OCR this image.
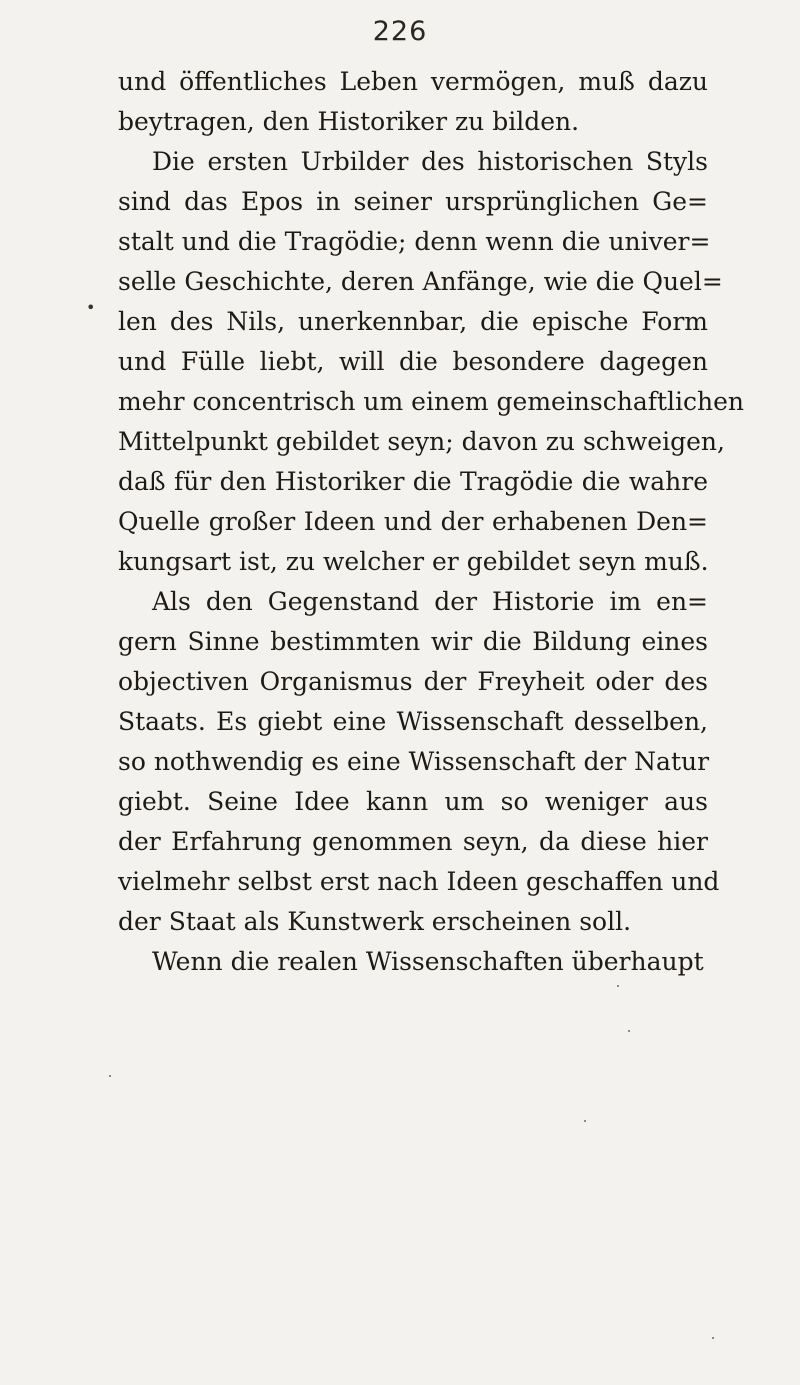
226
•
und öffentliches Leben vermögen, muß dazu
beytragen, den Historiker zu bilden.
Die ersten Urbilder des historischen Styls
sind das Epos in seiner ursprünglichen Ge=
stalt und die Tragödie; denn wenn die univer=
selle Geschichte, deren Anfänge, wie die Quel=
len des Nils, unerkennbar, die epische Form
und Fülle liebt, will die besondere dagegen
mehr concentrisch um einem gemeinschaftlichen
Mittelpunkt gebildet seyn; davon zu schweigen,
daß für den Historiker die Tragödie die wahre
Quelle großer Ideen und der erhabenen Den=
kungsart ist, zu welcher er gebildet seyn muß.
Als den Gegenstand der Historie im en=
gern Sinne bestimmten wir die Bildung eines
objectiven Organismus der Freyheit oder des
Staats. Es giebt eine Wissenschaft desselben,
so nothwendig es eine Wissenschaft der Natur
giebt. Seine Idee kann um so weniger aus
der Erfahrung genommen seyn, da diese hier
vielmehr selbst erst nach Ideen geschaffen und
der Staat als Kunstwerk erscheinen soll.
Wenn die realen Wissenschaften überhaupt
